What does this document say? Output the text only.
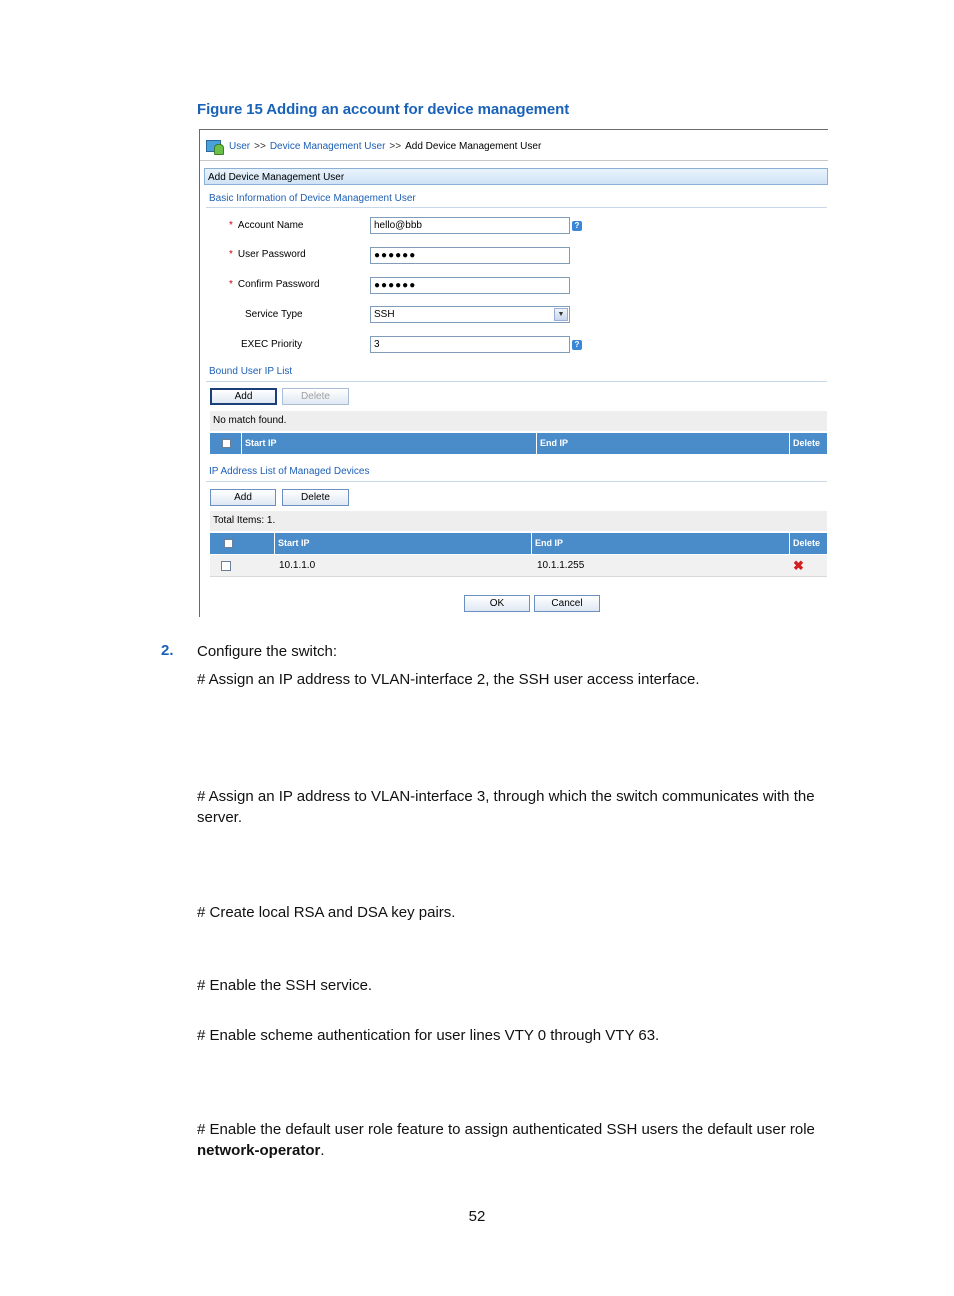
Figure 15 Adding an account for device management
User >> Device Management User >> Add Device Management User
Add Device Management User
Basic Information of Device Management User
* Account Name	hello@bbb	?
* User Password	●●●●●●
* Confirm Password	●●●●●●
Service Type	SSH	▼
EXEC Priority	3	?
Bound User IP List
Add	Delete
No match found.
Start IP	End IP	Delete
IP Address List of Managed Devices
Add	Delete
Total Items: 1.
Start IP	End IP	Delete
10.1.1.0	10.1.1.255	✖
OK	Cancel
2. Configure the switch:
# Assign an IP address to VLAN-interface 2, the SSH user access interface.
# Assign an IP address to VLAN-interface 3, through which the switch communicates with the server.
# Create local RSA and DSA key pairs.
# Enable the SSH service.
# Enable scheme authentication for user lines VTY 0 through VTY 63.
# Enable the default user role feature to assign authenticated SSH users the default user role network-operator.
52
